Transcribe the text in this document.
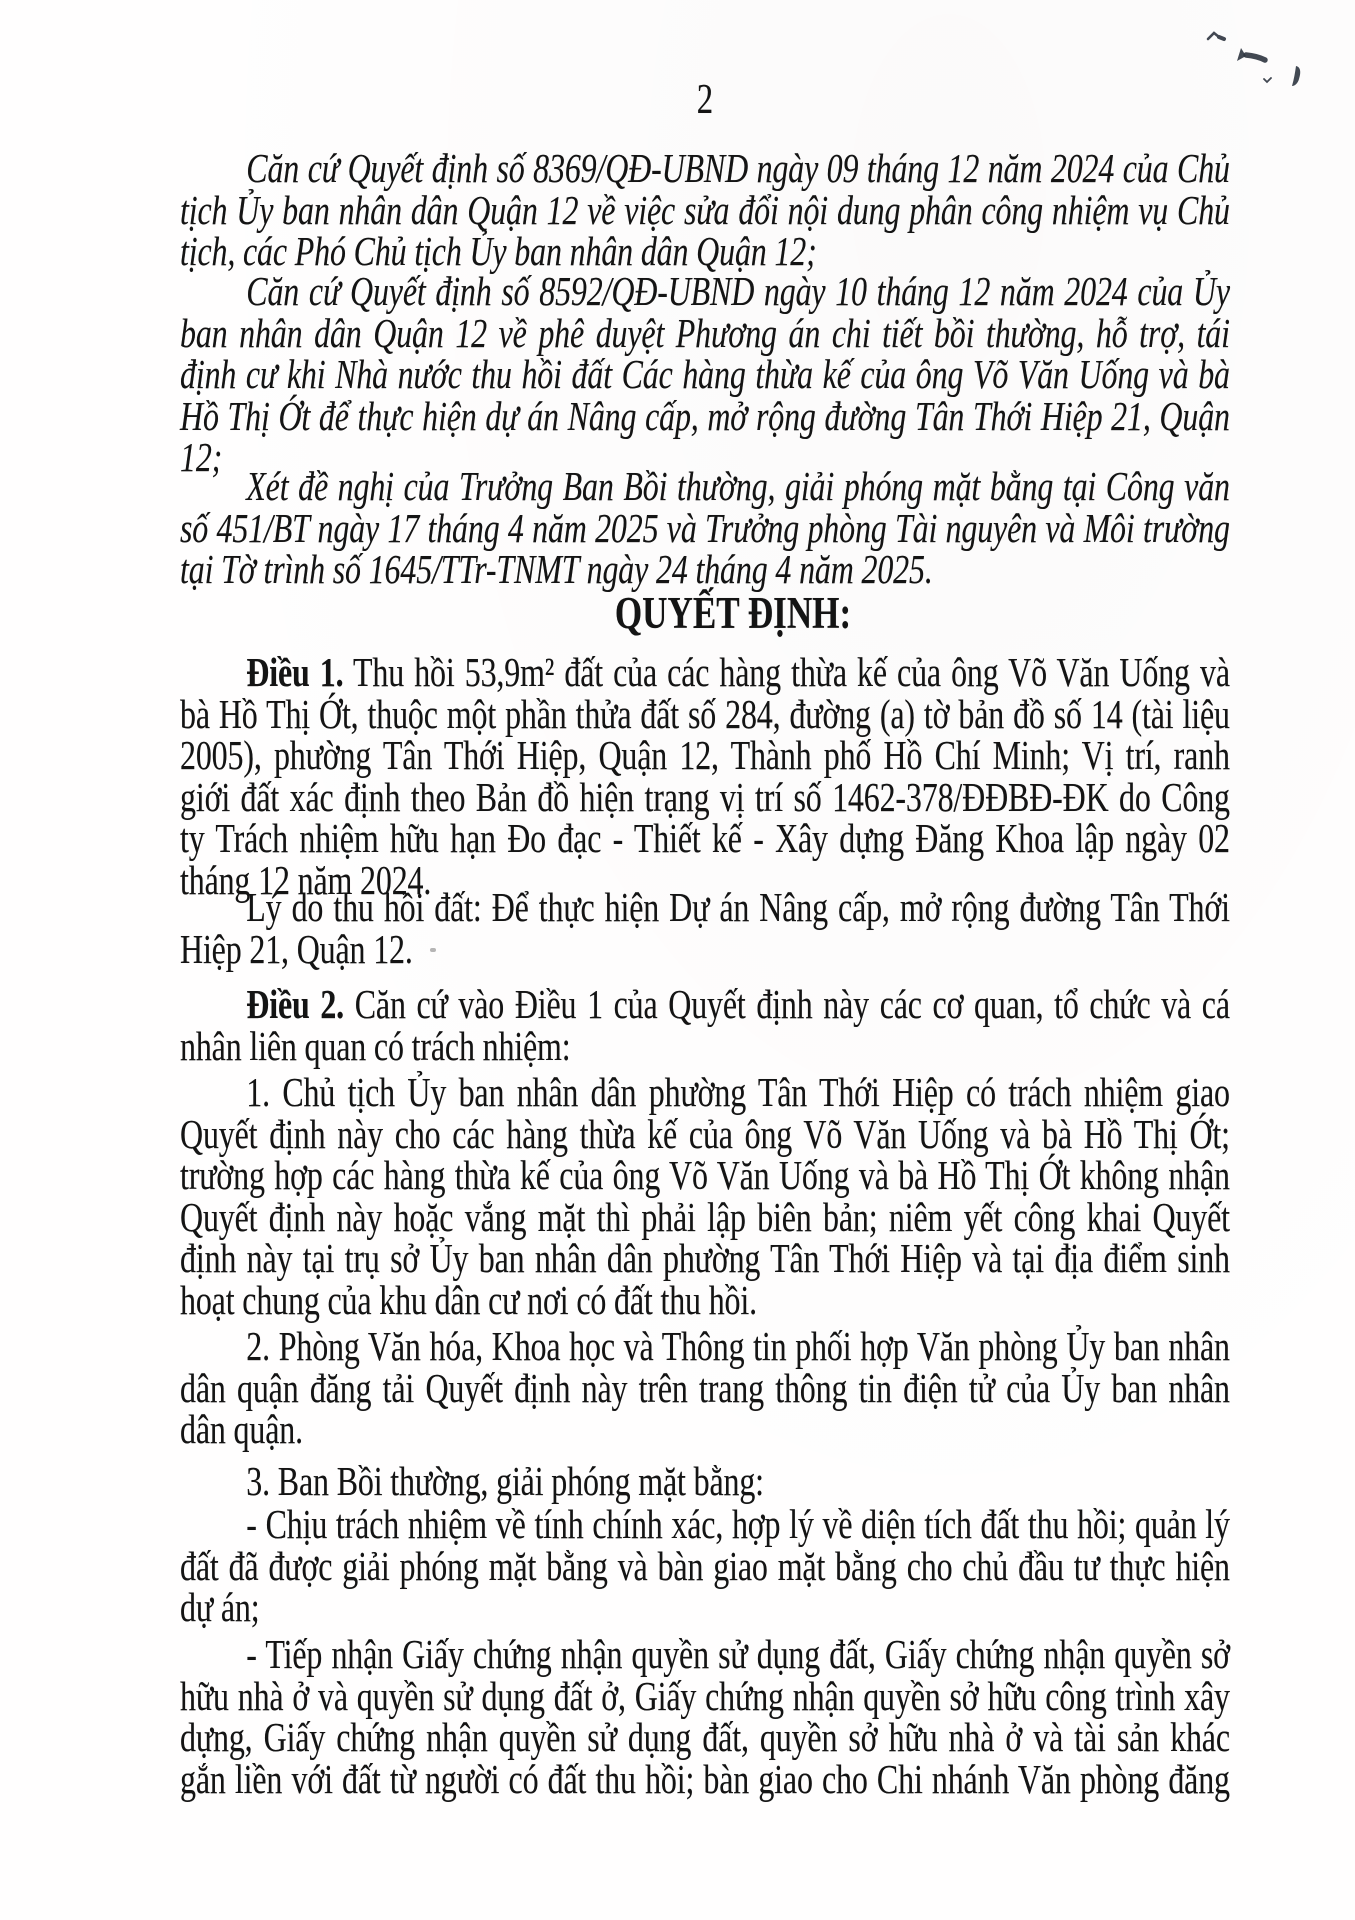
2
QUYẾT ĐỊNH:
Căn cứ Quyết định số 8369/QĐ-UBND ngày 09 tháng 12 năm 2024 của Chủ
tịch Ủy ban nhân dân Quận 12 về việc sửa đổi nội dung phân công nhiệm vụ Chủ
tịch, các Phó Chủ tịch Ủy ban nhân dân Quận 12;
Căn cứ Quyết định số 8592/QĐ-UBND ngày 10 tháng 12 năm 2024 của Ủy
ban nhân dân Quận 12 về phê duyệt Phương án chi tiết bồi thường, hỗ trợ, tái
định cư khi Nhà nước thu hồi đất Các hàng thừa kế của ông Võ Văn Uống và bà
Hồ Thị Ớt để thực hiện dự án Nâng cấp, mở rộng đường Tân Thới Hiệp 21, Quận
12;
Xét đề nghị của Trưởng Ban Bồi thường, giải phóng mặt bằng tại Công văn
số 451/BT ngày 17 tháng 4 năm 2025 và Trưởng phòng Tài nguyên và Môi trường
tại Tờ trình số 1645/TTr-TNMT ngày 24 tháng 4 năm 2025.
Điều 1. Thu hồi 53,9m² đất của các hàng thừa kế của ông Võ Văn Uống và
bà Hồ Thị Ớt, thuộc một phần thửa đất số 284, đường (a) tờ bản đồ số 14 (tài liệu
2005), phường Tân Thới Hiệp, Quận 12, Thành phố Hồ Chí Minh; Vị trí, ranh
giới đất xác định theo Bản đồ hiện trạng vị trí số 1462-378/ĐĐBĐ-ĐK do Công
ty Trách nhiệm hữu hạn Đo đạc - Thiết kế - Xây dựng Đăng Khoa lập ngày 02
tháng 12 năm 2024.
Lý do thu hồi đất: Để thực hiện Dự án Nâng cấp, mở rộng đường Tân Thới
Hiệp 21, Quận 12.
Điều 2. Căn cứ vào Điều 1 của Quyết định này các cơ quan, tổ chức và cá
nhân liên quan có trách nhiệm:
1. Chủ tịch Ủy ban nhân dân phường Tân Thới Hiệp có trách nhiệm giao
Quyết định này cho các hàng thừa kế của ông Võ Văn Uống và bà Hồ Thị Ớt;
trường hợp các hàng thừa kế của ông Võ Văn Uống và bà Hồ Thị Ớt không nhận
Quyết định này hoặc vắng mặt thì phải lập biên bản; niêm yết công khai Quyết
định này tại trụ sở Ủy ban nhân dân phường Tân Thới Hiệp và tại địa điểm sinh
hoạt chung của khu dân cư nơi có đất thu hồi.
2. Phòng Văn hóa, Khoa học và Thông tin phối hợp Văn phòng Ủy ban nhân
dân quận đăng tải Quyết định này trên trang thông tin điện tử của Ủy ban nhân
dân quận.
3. Ban Bồi thường, giải phóng mặt bằng:
- Chịu trách nhiệm về tính chính xác, hợp lý về diện tích đất thu hồi; quản lý
đất đã được giải phóng mặt bằng và bàn giao mặt bằng cho chủ đầu tư thực hiện
dự án;
- Tiếp nhận Giấy chứng nhận quyền sử dụng đất, Giấy chứng nhận quyền sở
hữu nhà ở và quyền sử dụng đất ở, Giấy chứng nhận quyền sở hữu công trình xây
dựng, Giấy chứng nhận quyền sử dụng đất, quyền sở hữu nhà ở và tài sản khác
gắn liền với đất từ người có đất thu hồi; bàn giao cho Chi nhánh Văn phòng đăng
